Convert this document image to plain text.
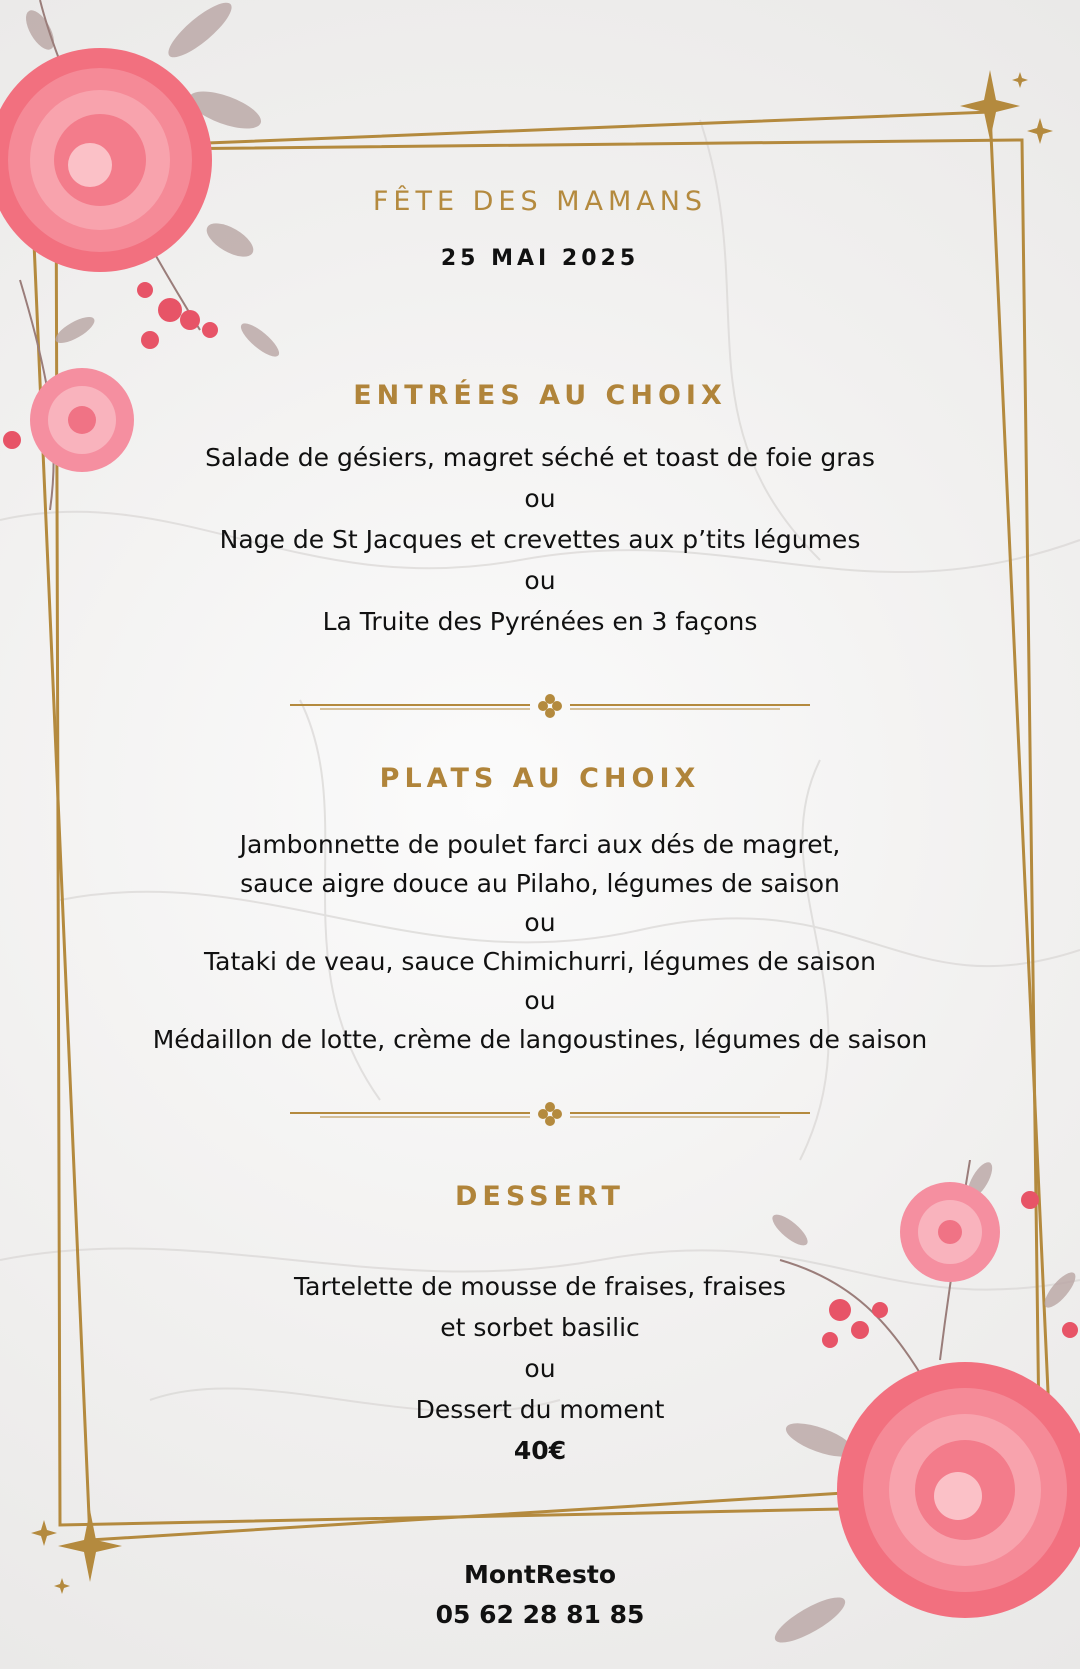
FÊTE DES MAMANS
25 MAI 2025
ENTRÉES AU CHOIX
Salade de gésiers, magret séché et toast de foie gras
ou
Nage de St Jacques et crevettes aux p’tits légumes
ou
La Truite des Pyrénées en 3 façons
PLATS AU CHOIX
Jambonnette de poulet farci aux dés de magret,
sauce aigre douce au Pilaho, légumes de saison
ou
Tataki de veau, sauce Chimichurri, légumes de saison
ou
Médaillon de lotte, crème de langoustines, légumes de saison
DESSERT
Tartelette de mousse de fraises, fraises
et sorbet basilic
ou
Dessert du moment
40€
MontResto
05 62 28 81 85
